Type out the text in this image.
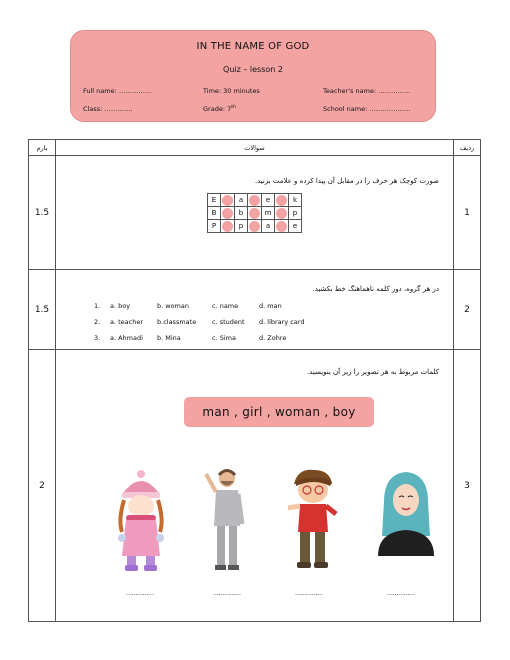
IN THE NAME OF GOD
Quiz – lesson 2
Full name: ……………	Time: 30 minutes	Teacher's name: ……………
Class: ………….	Grade: 7th	School name: ……………….
بارم	سوالات	ردیف
1.5	
صورت کوچک هر حرف را در مقابل آن پیدا کرده و علامت بزنید.
E		a		e		k
B		b		m		p
P		p		a		e
	1
1.5	
در هر گروه، دور کلمه ناهماهنگ خط بکشید.
1. a. boy	b. woman	c. name	d. man
2. a. teacher b.classmate c. student d. library card
3. a. Ahmadi b. Mina	c. Sima	d. Zohre
	2
2	
کلمات مربوط به هر تصویر را زیر آن بنویسید.
man , girl , woman , boy
……………	……………	……………	……………
	3
